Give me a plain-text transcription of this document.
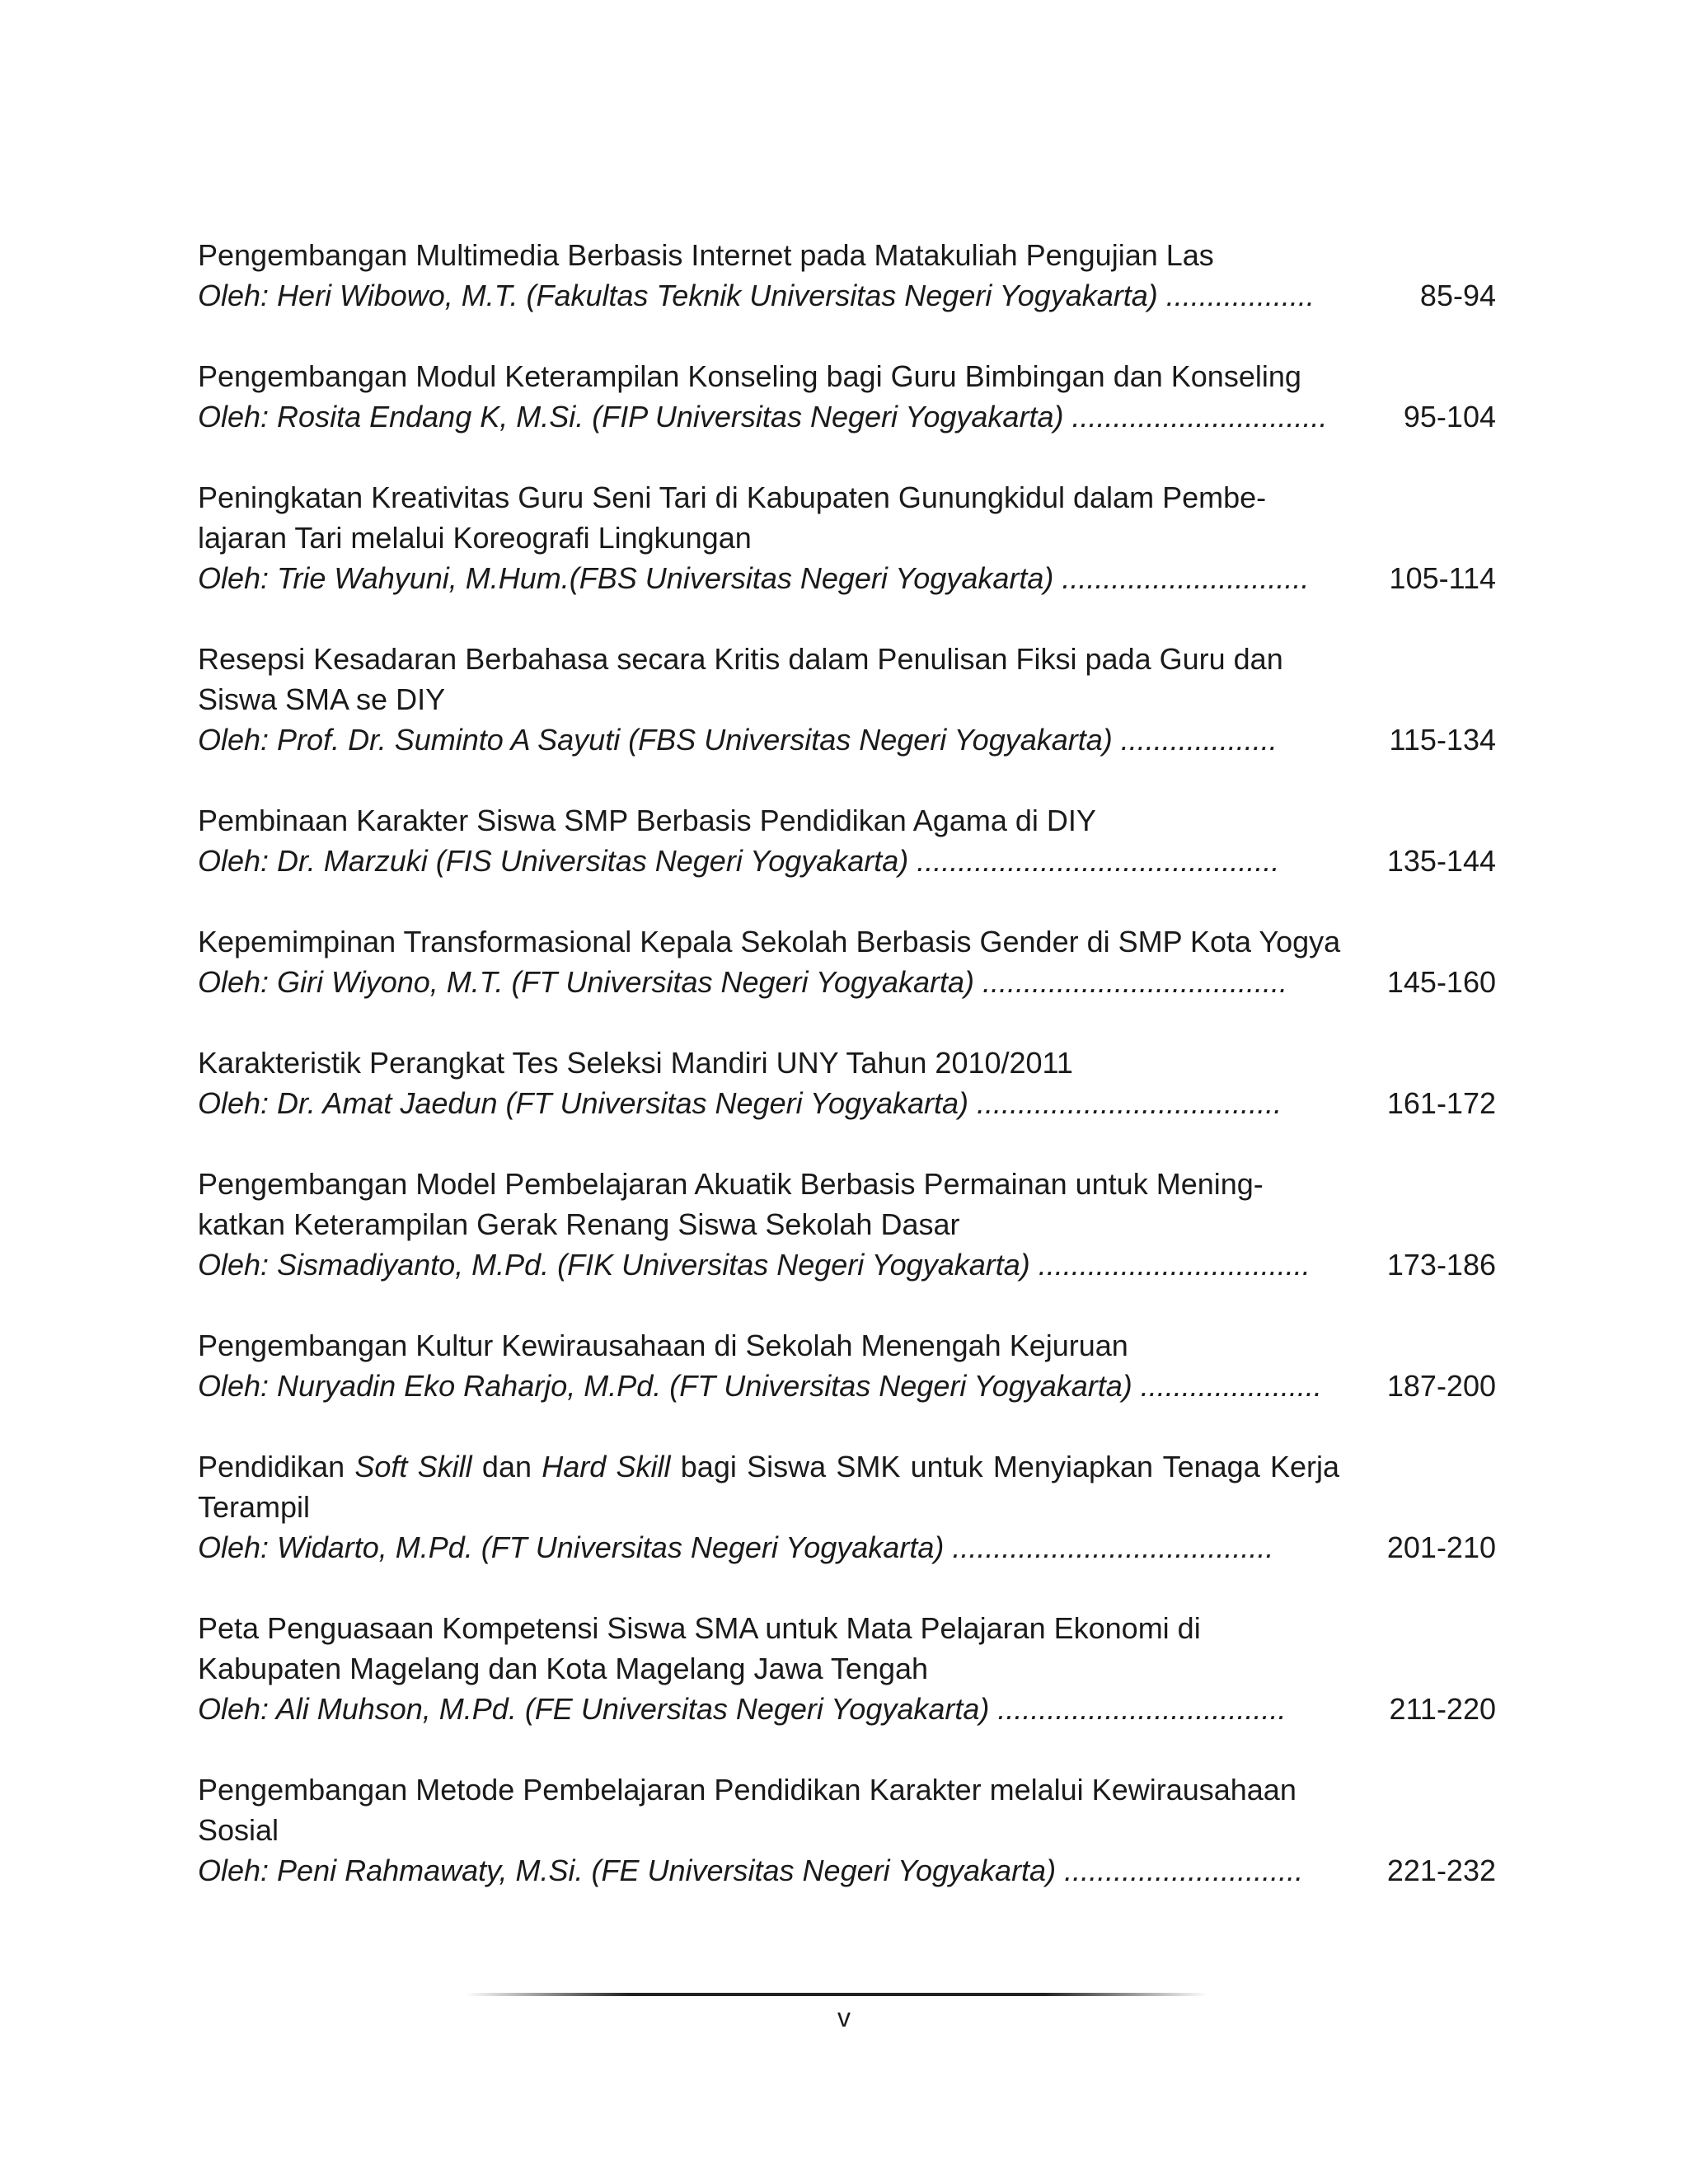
Pengembangan Multimedia Berbasis Internet pada Matakuliah Pengujian Las
Oleh: Heri Wibowo, M.T. (Fakultas Teknik Universitas Negeri Yogyakarta) ..................	85-94
Pengembangan Modul Keterampilan Konseling bagi Guru Bimbingan dan Konseling
Oleh: Rosita Endang K, M.Si. (FIP Universitas Negeri Yogyakarta) ...............................	95-104
Peningkatan Kreativitas Guru Seni Tari di Kabupaten Gunungkidul dalam Pembe-
lajaran Tari melalui Koreografi Lingkungan
Oleh: Trie Wahyuni, M.Hum.(FBS Universitas Negeri Yogyakarta) ..............................	105-114
Resepsi Kesadaran Berbahasa secara Kritis dalam Penulisan Fiksi pada Guru dan
Siswa SMA se DIY
Oleh: Prof. Dr. Suminto A Sayuti (FBS Universitas Negeri Yogyakarta) ...................	115-134
Pembinaan Karakter Siswa SMP Berbasis Pendidikan Agama di DIY
Oleh: Dr. Marzuki (FIS Universitas Negeri Yogyakarta) ............................................	135-144
Kepemimpinan Transformasional Kepala Sekolah Berbasis Gender di SMP Kota Yogya
Oleh: Giri Wiyono, M.T. (FT Universitas Negeri Yogyakarta) .....................................	145-160
Karakteristik Perangkat Tes Seleksi Mandiri UNY Tahun 2010/2011
Oleh: Dr. Amat Jaedun (FT Universitas Negeri Yogyakarta) .....................................	161-172
Pengembangan Model Pembelajaran Akuatik Berbasis Permainan untuk Mening-
katkan Keterampilan Gerak Renang Siswa Sekolah Dasar
Oleh: Sismadiyanto, M.Pd. (FIK Universitas Negeri Yogyakarta) .................................	173-186
Pengembangan Kultur Kewirausahaan di Sekolah Menengah Kejuruan
Oleh: Nuryadin Eko Raharjo, M.Pd. (FT Universitas Negeri Yogyakarta) ......................	187-200
Pendidikan Soft Skill dan Hard Skill bagi Siswa SMK untuk Menyiapkan Tenaga Kerja Terampil
Oleh: Widarto, M.Pd. (FT Universitas Negeri Yogyakarta) .......................................	201-210
Peta Penguasaan Kompetensi Siswa SMA untuk Mata Pelajaran Ekonomi di
Kabupaten Magelang dan Kota Magelang Jawa Tengah
Oleh: Ali Muhson, M.Pd. (FE Universitas Negeri Yogyakarta) ...................................	211-220
Pengembangan Metode Pembelajaran Pendidikan Karakter melalui Kewirausahaan
Sosial
Oleh: Peni Rahmawaty, M.Si. (FE Universitas Negeri Yogyakarta) .............................	221-232
v
